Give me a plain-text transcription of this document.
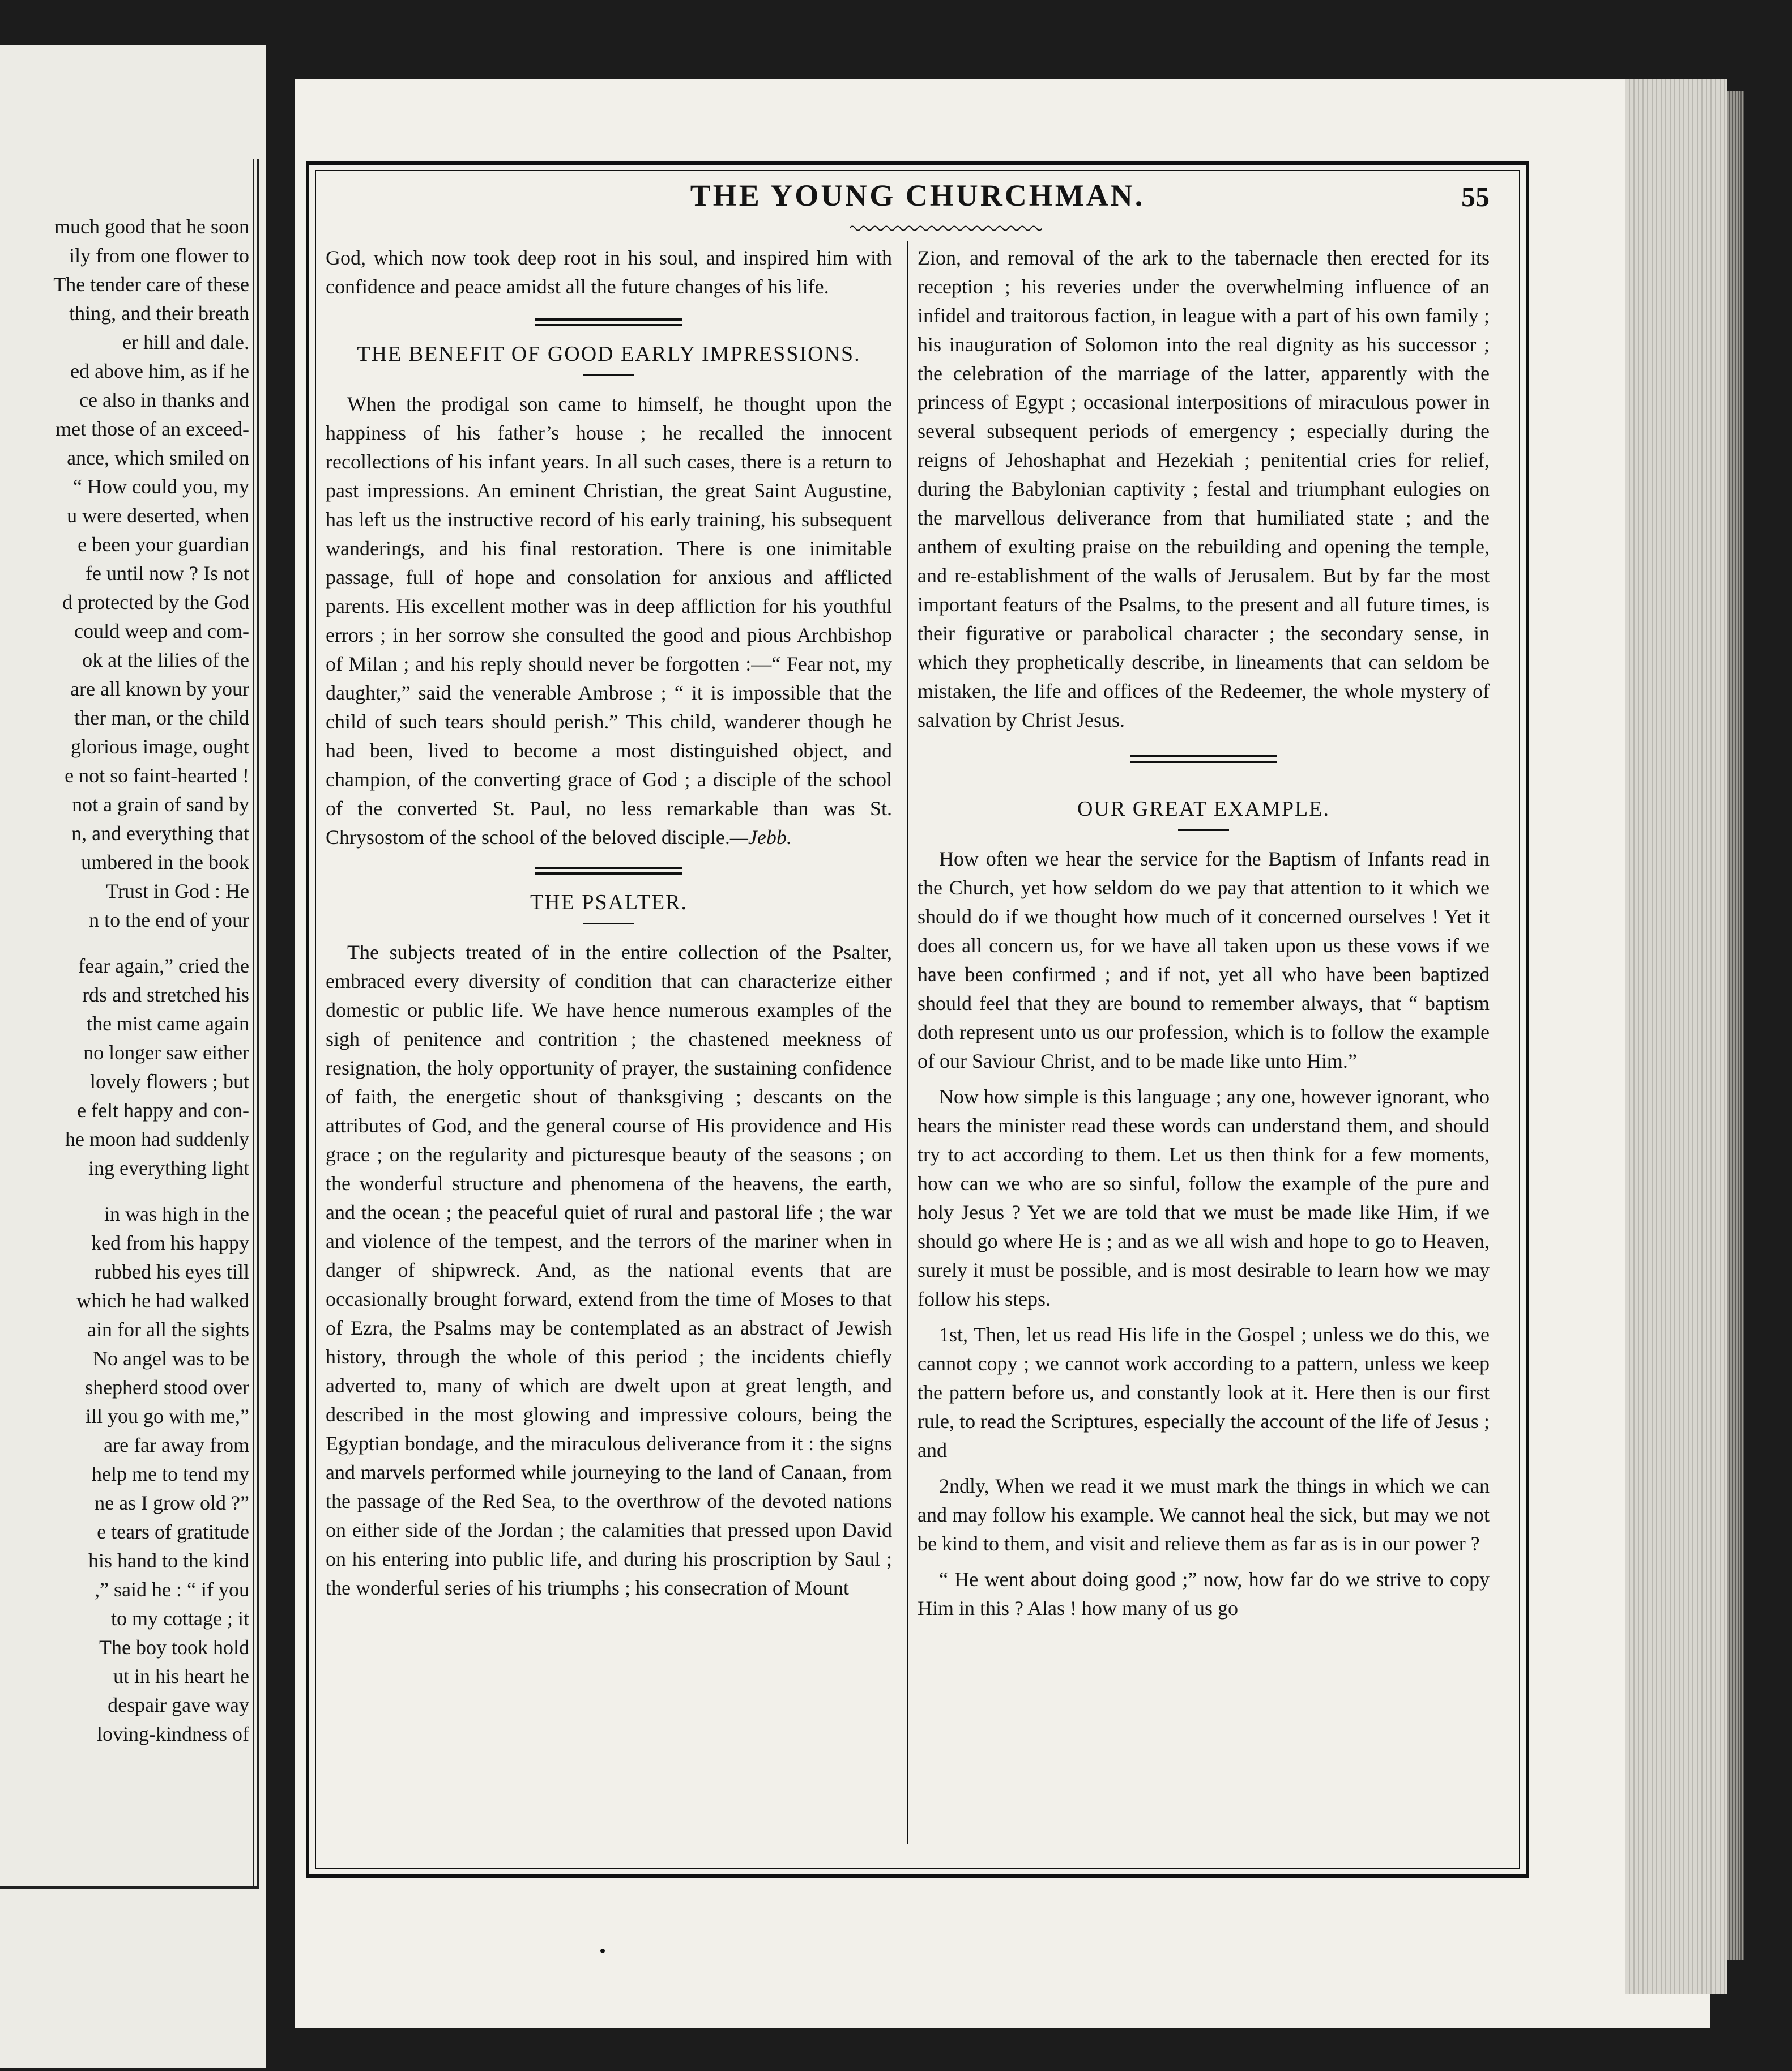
much good that he soon
ily from one flower to
The tender care of these
thing, and their breath
er hill and dale.
ed above him, as if he
ce also in thanks and
met those of an exceed-
ance, which smiled on
“ How could you, my
u were deserted, when
e been your guardian
fe until now ? Is not
d protected by the God
could weep and com-
ok at the lilies of the
are all known by your
ther man, or the child
glorious image, ought
e not so faint-hearted !
not a grain of sand by
n, and everything that
umbered in the book
Trust in God : He
n to the end of your
fear again,” cried the
rds and stretched his
the mist came again
no longer saw either
lovely flowers ; but
e felt happy and con-
he moon had suddenly
ing everything light
in was high in the
ked from his happy
rubbed his eyes till
which he had walked
ain for all the sights
No angel was to be
shepherd stood over
ill you go with me,”
are far away from
help me to tend my
ne as I grow old ?”
e tears of gratitude
his hand to the kind
,” said he : “ if you
to my cottage ; it
The boy took hold
ut in his heart he
despair gave way
loving-kindness of
THE YOUNG CHURCHMAN.	55

God, which now took deep root in his soul, and inspired him with confidence and peace amidst all the future changes of his life.

THE BENEFIT OF GOOD EARLY IMPRESSIONS.

When the prodigal son came to himself, he thought upon the happiness of his father’s house ; he recalled the innocent recollections of his infant years. In all such cases, there is a return to past impressions. An eminent Christian, the great Saint Augustine, has left us the instructive record of his early training, his subsequent wanderings, and his final restoration. There is one inimitable passage, full of hope and consolation for anxious and afflicted parents. His excellent mother was in deep affliction for his youthful errors ; in her sorrow she consulted the good and pious Archbishop of Milan ; and his reply should never be forgotten :—“ Fear not, my daughter,” said the venerable Ambrose ; “ it is impossible that the child of such tears should perish.” This child, wanderer though he had been, lived to become a most distinguished object, and champion, of the converting grace of God ; a disciple of the school of the converted St. Paul, no less remarkable than was St. Chrysostom of the school of the beloved disciple.—Jebb.

THE PSALTER.

The subjects treated of in the entire collection of the Psalter, embraced every diversity of condition that can characterize either domestic or public life. We have hence numerous examples of the sigh of penitence and contrition ; the chastened meekness of resignation, the holy opportunity of prayer, the sustaining confidence of faith, the energetic shout of thanksgiving ; descants on the attributes of God, and the general course of His providence and His grace ; on the regularity and picturesque beauty of the seasons ; on the wonderful structure and phenomena of the heavens, the earth, and the ocean ; the peaceful quiet of rural and pastoral life ; the war and violence of the tempest, and the terrors of the mariner when in danger of shipwreck. And, as the national events that are occasionally brought forward, extend from the time of Moses to that of Ezra, the Psalms may be contemplated as an abstract of Jewish history, through the whole of this period ; the incidents chiefly adverted to, many of which are dwelt upon at great length, and described in the most glowing and impressive colours, being the Egyptian bondage, and the miraculous deliverance from it : the signs and marvels performed while journeying to the land of Canaan, from the passage of the Red Sea, to the overthrow of the devoted nations on either side of the Jordan ; the calamities that pressed upon David on his entering into public life, and during his proscription by Saul ; the wonderful series of his triumphs ; his consecration of Mount

Zion, and removal of the ark to the tabernacle then erected for its reception ; his reveries under the overwhelming influence of an infidel and traitorous faction, in league with a part of his own family ; his inauguration of Solomon into the real dignity as his successor ; the celebration of the marriage of the latter, apparently with the princess of Egypt ; occasional interpositions of miraculous power in several subsequent periods of emergency ; especially during the reigns of Jehoshaphat and Hezekiah ; penitential cries for relief, during the Babylonian captivity ; festal and triumphant eulogies on the marvellous deliverance from that humiliated state ; and the anthem of exulting praise on the rebuilding and opening the temple, and re-establishment of the walls of Jerusalem. But by far the most important featurs of the Psalms, to the present and all future times, is their figurative or parabolical character ; the secondary sense, in which they prophetically describe, in lineaments that can seldom be mistaken, the life and offices of the Redeemer, the whole mystery of salvation by Christ Jesus.

OUR GREAT EXAMPLE.

How often we hear the service for the Baptism of Infants read in the Church, yet how seldom do we pay that attention to it which we should do if we thought how much of it concerned ourselves ! Yet it does all concern us, for we have all taken upon us these vows if we have been confirmed ; and if not, yet all who have been baptized should feel that they are bound to remember always, that “ baptism doth represent unto us our profession, which is to follow the example of our Saviour Christ, and to be made like unto Him.”

Now how simple is this language ; any one, however ignorant, who hears the minister read these words can understand them, and should try to act according to them. Let us then think for a few moments, how can we who are so sinful, follow the example of the pure and holy Jesus ? Yet we are told that we must be made like Him, if we should go where He is ; and as we all wish and hope to go to Heaven, surely it must be possible, and is most desirable to learn how we may follow his steps.

1st, Then, let us read His life in the Gospel ; unless we do this, we cannot copy ; we cannot work according to a pattern, unless we keep the pattern before us, and constantly look at it. Here then is our first rule, to read the Scriptures, especially the account of the life of Jesus ; and

2ndly, When we read it we must mark the things in which we can and may follow his example. We cannot heal the sick, but may we not be kind to them, and visit and relieve them as far as is in our power ?

“ He went about doing good ;” now, how far do we strive to copy Him in this ? Alas ! how many of us go
